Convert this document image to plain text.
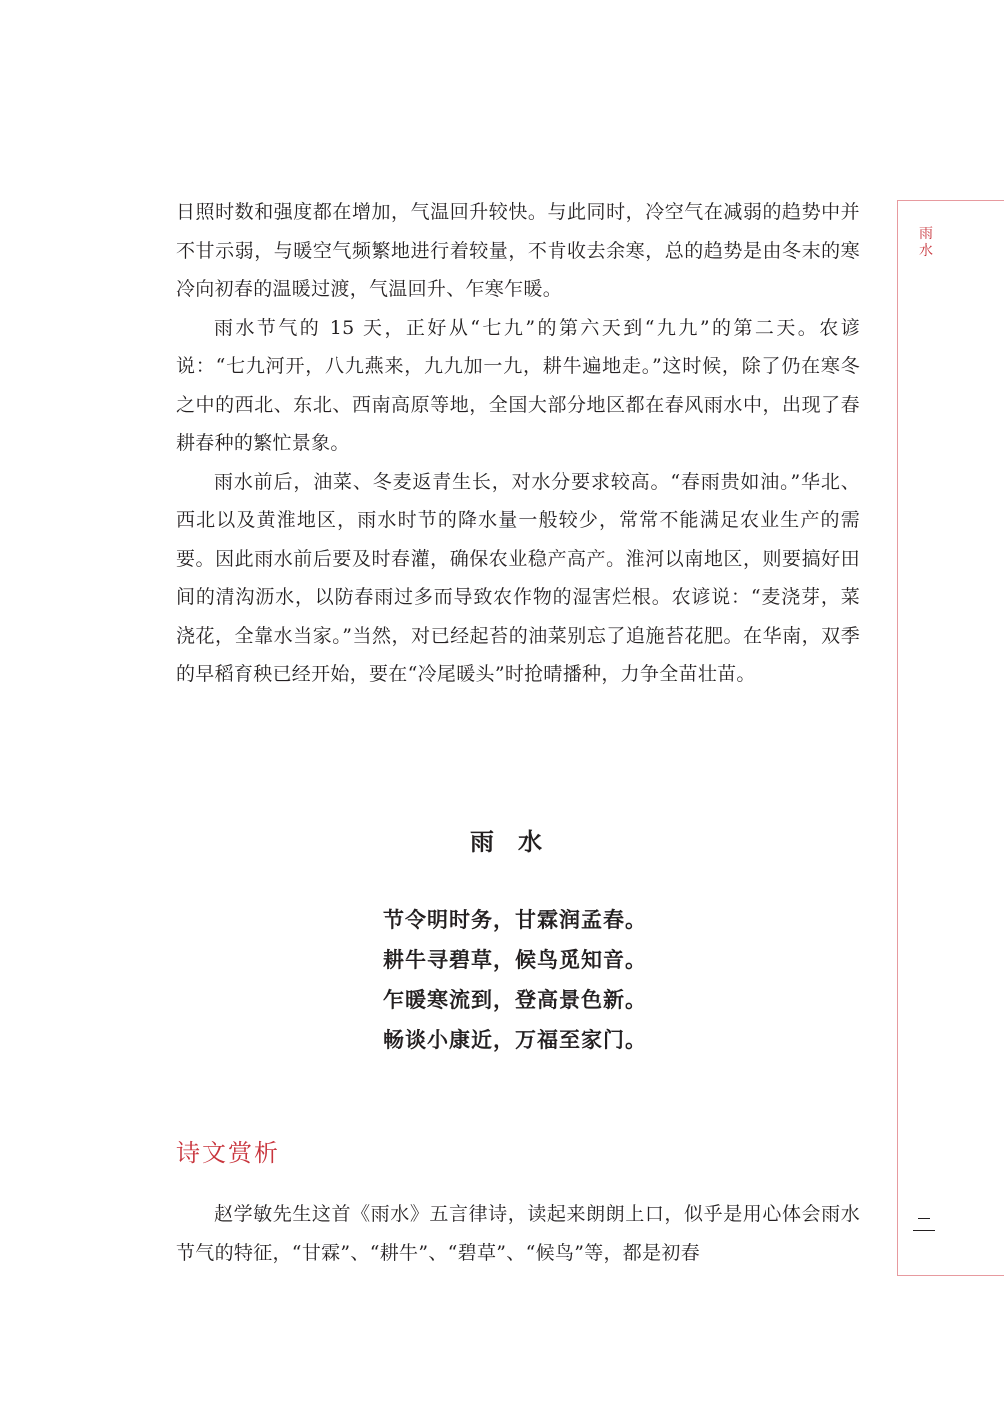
日照时数和强度都在增加，气温回升较快。与此同时，冷空气在减弱的趋势中并不甘示弱，与暖空气频繁地进行着较量，不肯收去余寒，总的趋势是由冬末的寒冷向初春的温暖过渡，气温回升、乍寒乍暖。

雨水节气的 15 天，正好从“七九”的第六天到“九九”的第二天。农谚说：“七九河开，八九燕来，九九加一九，耕牛遍地走。”这时候，除了仍在寒冬之中的西北、东北、西南高原等地，全国大部分地区都在春风雨水中，出现了春耕春种的繁忙景象。

雨水前后，油菜、冬麦返青生长，对水分要求较高。“春雨贵如油。”华北、西北以及黄淮地区，雨水时节的降水量一般较少，常常不能满足农业生产的需要。因此雨水前后要及时春灌，确保农业稳产高产。淮河以南地区，则要搞好田间的清沟沥水，以防春雨过多而导致农作物的湿害烂根。农谚说：“麦浇芽，菜浇花，全靠水当家。”当然，对已经起苔的油菜别忘了追施苔花肥。在华南，双季的早稻育秧已经开始，要在“冷尾暖头”时抢晴播种，力争全苗壮苗。

雨水
节令明时务，甘霖润孟春。
耕牛寻碧草，候鸟觅知音。
乍暖寒流到，登高景色新。
畅谈小康近，万福至家门。
诗文赏析

赵学敏先生这首《雨水》五言律诗，读起来朗朗上口，似乎是用心体会雨水节气的特征，“甘霖”、“耕牛”、“碧草”、“候鸟”等，都是初春

雨
水
